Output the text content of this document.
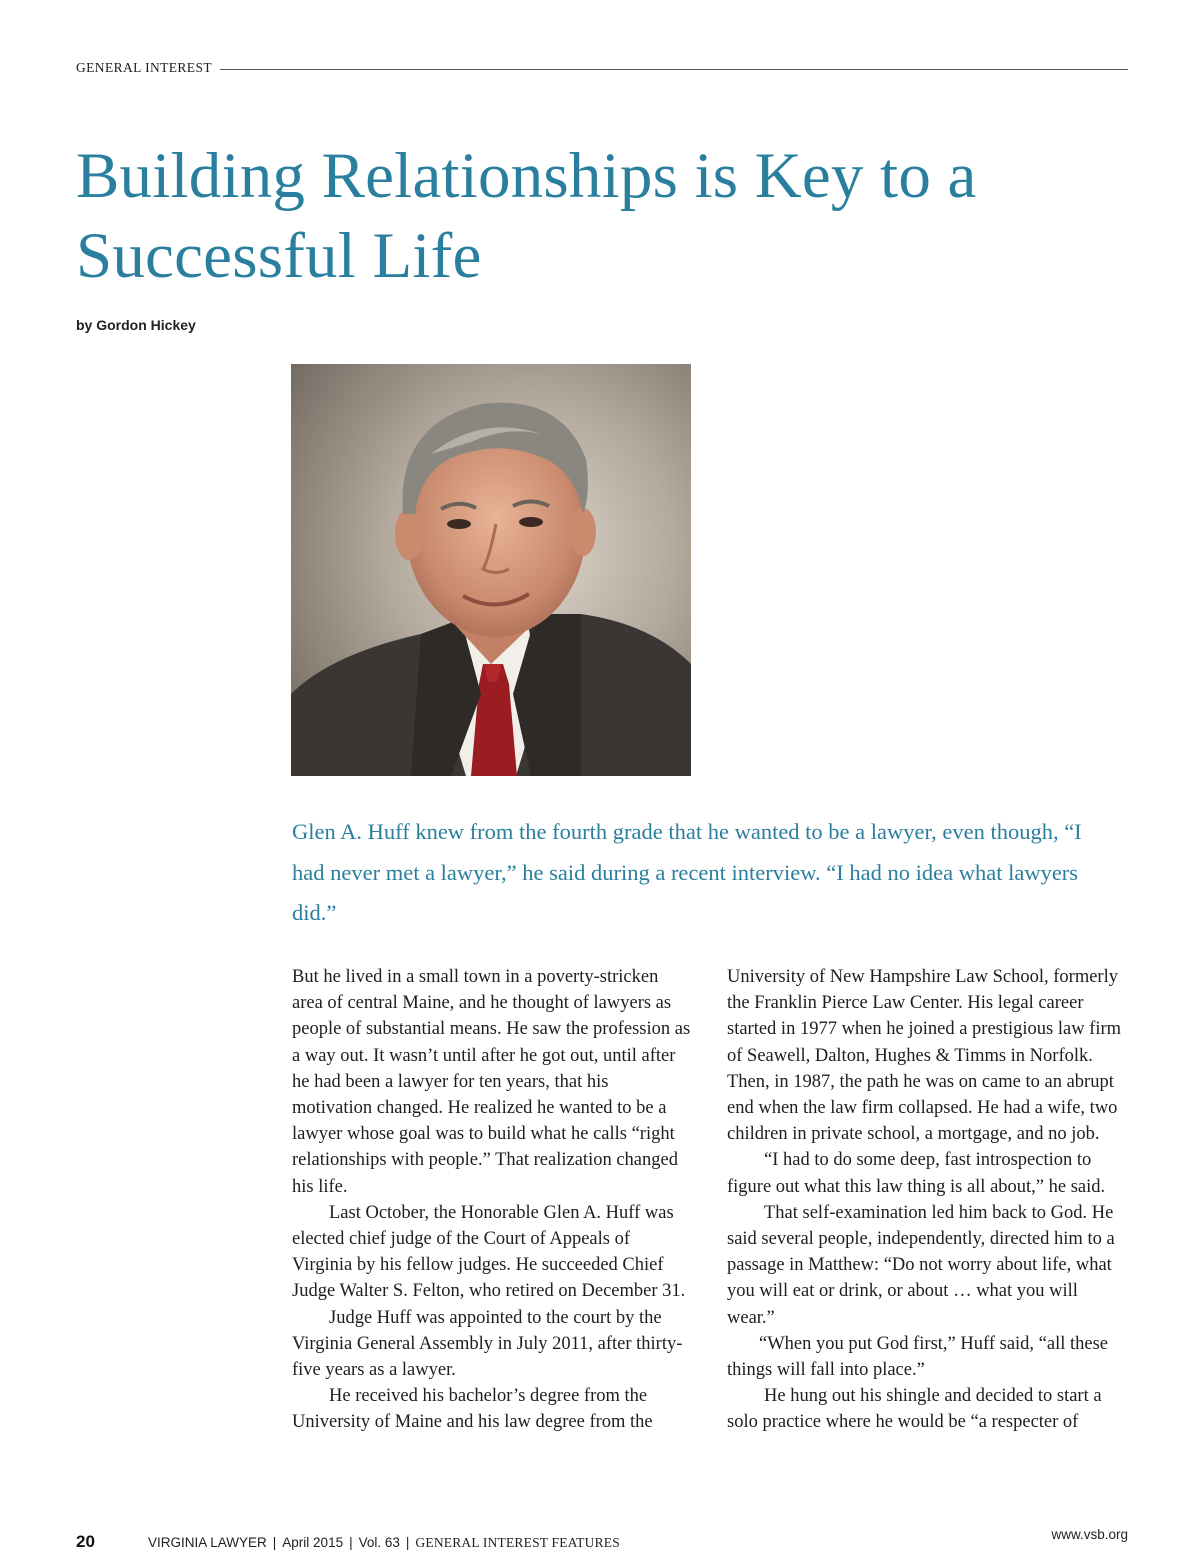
GENERAL INTEREST
Building Relationships is Key to a Successful Life
by Gordon Hickey

Glen A. Huff knew from the fourth grade that he wanted to be a lawyer, even though, “I had never met a lawyer,” he said during a recent interview. “I had no idea what lawyers did.”

But he lived in a small town in a poverty-stricken area of central Maine, and he thought of lawyers as people of substantial means. He saw the profession as a way out. It wasn’t until after he got out, until after he had been a lawyer for ten years, that his motivation changed. He realized he wanted to be a lawyer whose goal was to build what he calls “right relationships with people.” That realization changed his life.

Last October, the Honorable Glen A. Huff was elected chief judge of the Court of Appeals of Virginia by his fellow judges. He succeeded Chief Judge Walter S. Felton, who retired on December 31.

Judge Huff was appointed to the court by the Virginia General Assembly in July 2011, after thirty-five years as a lawyer.

He received his bachelor’s degree from the University of Maine and his law degree from the

University of New Hampshire Law School, formerly the Franklin Pierce Law Center. His legal career started in 1977 when he joined a prestigious law firm of Seawell, Dalton, Hughes & Timms in Norfolk. Then, in 1987, the path he was on came to an abrupt end when the law firm collapsed. He had a wife, two children in private school, a mortgage, and no job.

“I had to do some deep, fast introspection to figure out what this law thing is all about,” he said.

That self-examination led him back to God. He said several people, independently, directed him to a passage in Matthew: “Do not worry about life, what you will eat or drink, or about … what you will wear.”

“When you put God first,” Huff said, “all these things will fall into place.”

He hung out his shingle and decided to start a solo practice where he would be “a respecter of

20	VIRGINIA LAWYER | April 2015 | Vol. 63 | GENERAL INTEREST FEATURES
www.vsb.org
